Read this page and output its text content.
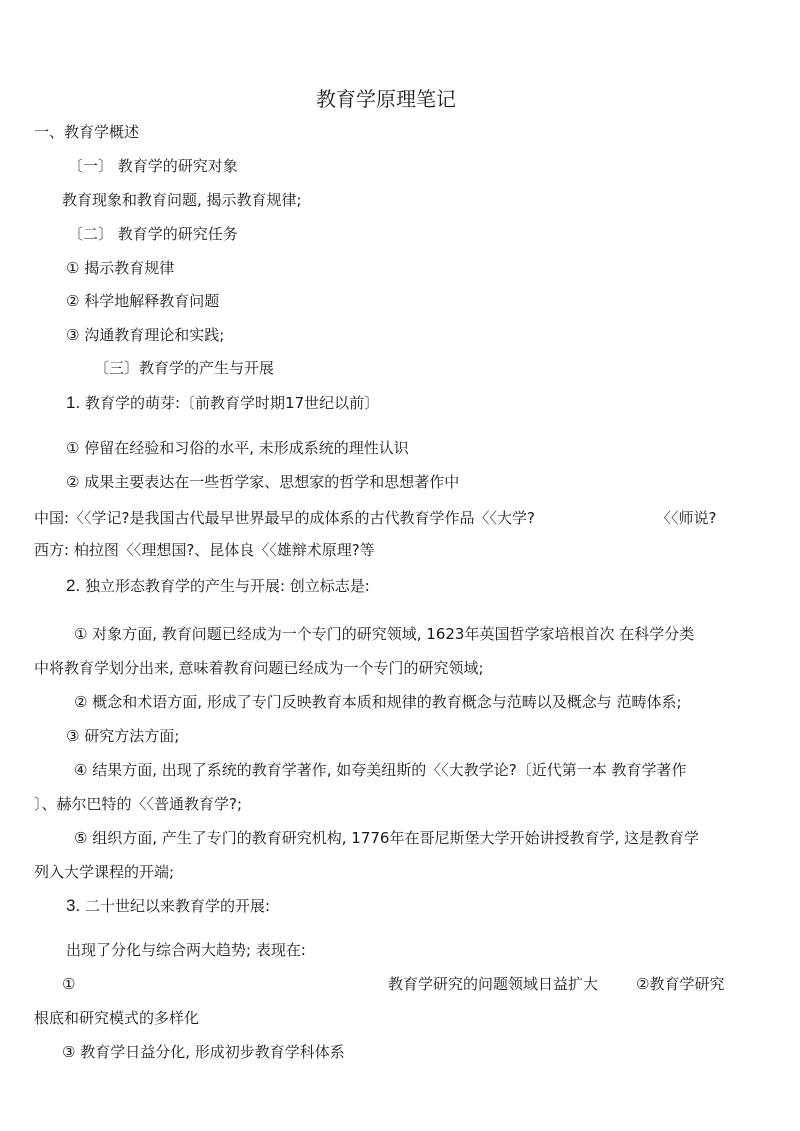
教育学原理笔记
一、教育学概述
〔一〕 教育学的研究对象
教育现象和教育问题, 揭示教育规律;
〔二〕 教育学的研究任务
① 揭示教育规律
② 科学地解释教育问题
③ 沟通教育理论和实践;
〔三〕教育学的产生与开展
1. 教育学的萌芽:〔前教育学时期17世纪以前〕
① 停留在经验和习俗的水平, 未形成系统的理性认识
② 成果主要表达在一些哲学家、思想家的哲学和思想著作中
中国:〈〈学记?是我国古代最早世界最早的成体系的古代教育学作品〈〈大学?	〈〈师说?
西方: 柏拉图〈〈理想国?、昆体良〈〈雄辩术原理?等
2. 独立形态教育学的产生与开展: 创立标志是:
① 对象方面, 教育问题已经成为一个专门的研究领域, 1623年英国哲学家培根首次 在科学分类
中将教育学划分出来, 意味着教育问题已经成为一个专门的研究领域;
② 概念和术语方面, 形成了专门反映教育本质和规律的教育概念与范畴以及概念与 范畴体系;
③ 研究方法方面;
④ 结果方面, 出现了系统的教育学著作, 如夸美纽斯的〈〈大教学论?〔近代第一本 教育学著作
〕、赫尔巴特的〈〈普通教育学?;
⑤ 组织方面, 产生了专门的教育研究机构, 1776年在哥尼斯堡大学开始讲授教育学, 这是教育学
列入大学课程的开端;
3. 二十世纪以来教育学的开展:
出现了分化与综合两大趋势; 表现在:
①	教育学研究的问题领域日益扩大	②教育学研究
根底和研究模式的多样化
③ 教育学日益分化, 形成初步教育学科体系
